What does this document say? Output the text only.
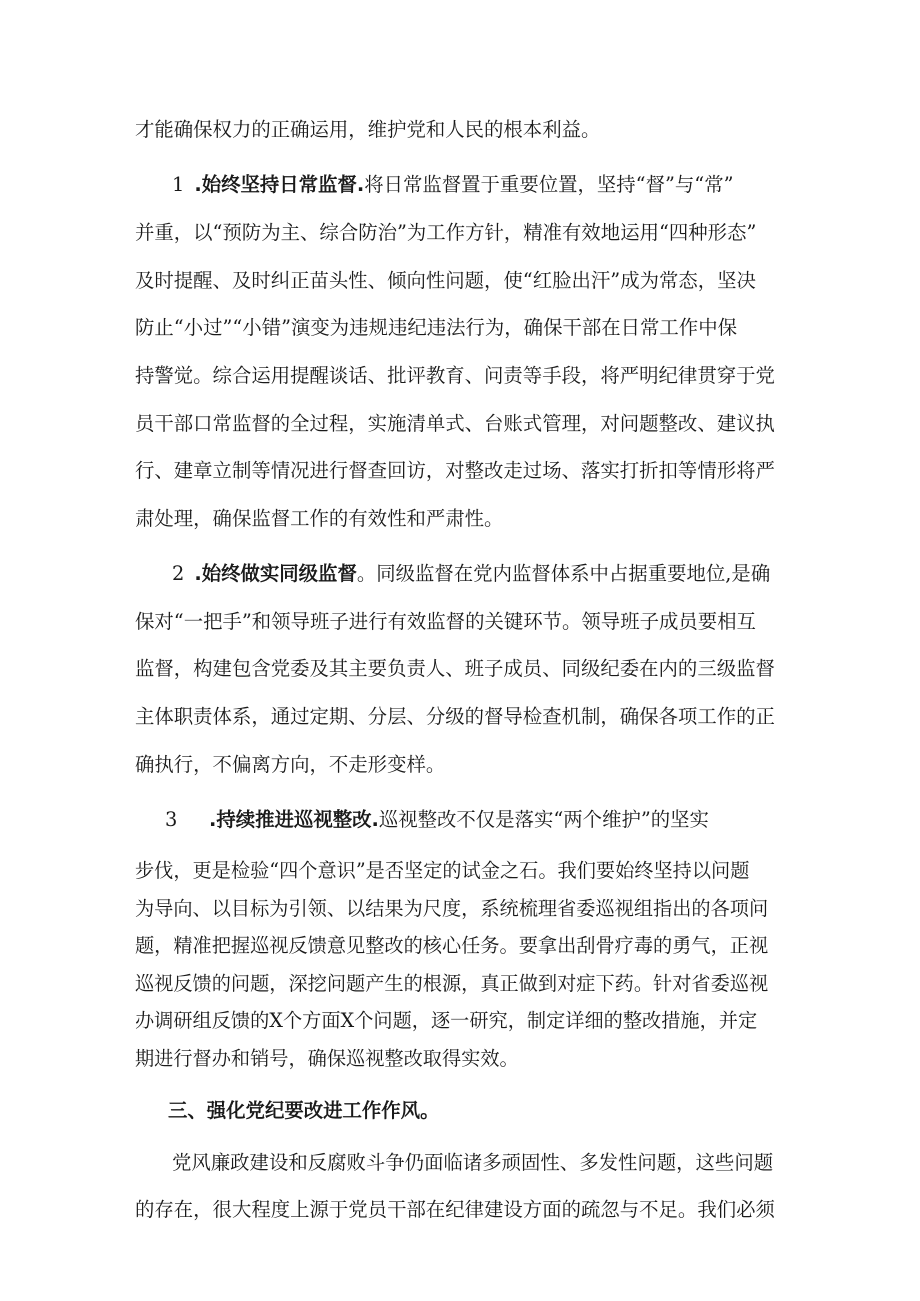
才能确保权力的正确运用，维护党和人民的根本利益。
1 .始终坚持日常监督.将日常监督置于重要位置，坚持“督”与“常”
并重，以“预防为主、综合防治”为工作方针，精准有效地运用“四种形态”
及时提醒、及时纠正苗头性、倾向性问题，使“红脸出汗”成为常态，坚决
防止“小过”“小错”演变为违规违纪违法行为，确保干部在日常工作中保
持警觉。综合运用提醒谈话、批评教育、问责等手段，将严明纪律贯穿于党
员干部口常监督的全过程，实施清单式、台账式管理，对问题整改、建议执
行、建章立制等情况进行督查回访，对整改走过场、落实打折扣等情形将严
肃处理，确保监督工作的有效性和严肃性。
2 .始终做实同级监督。同级监督在党内监督体系中占据重要地位,是确
保对“一把手”和领导班子进行有效监督的关键环节。领导班子成员要相互
监督，构建包含党委及其主要负责人、班子成员、同级纪委在内的三级监督
主体职责体系，通过定期、分层、分级的督导检查机制，确保各项工作的正
确执行，不偏离方向，不走形变样。
3 .持续推进巡视整改.巡视整改不仅是落实“两个维护”的坚实
步伐，更是检验“四个意识”是否坚定的试金之石。我们要始终坚持以问题
为导向、以目标为引领、以结果为尺度，系统梳理省委巡视组指出的各项问
题，精准把握巡视反馈意见整改的核心任务。要拿出刮骨疗毒的勇气，正视
巡视反馈的问题，深挖问题产生的根源，真正做到对症下药。针对省委巡视
办调研组反馈的X个方面X个问题，逐一研究，制定详细的整改措施，并定
期进行督办和销号，确保巡视整改取得实效。
三、强化党纪要改进工作作风。
党风廉政建设和反腐败斗争仍面临诸多顽固性、多发性问题，这些问题
的存在，很大程度上源于党员干部在纪律建设方面的疏忽与不足。我们必须
